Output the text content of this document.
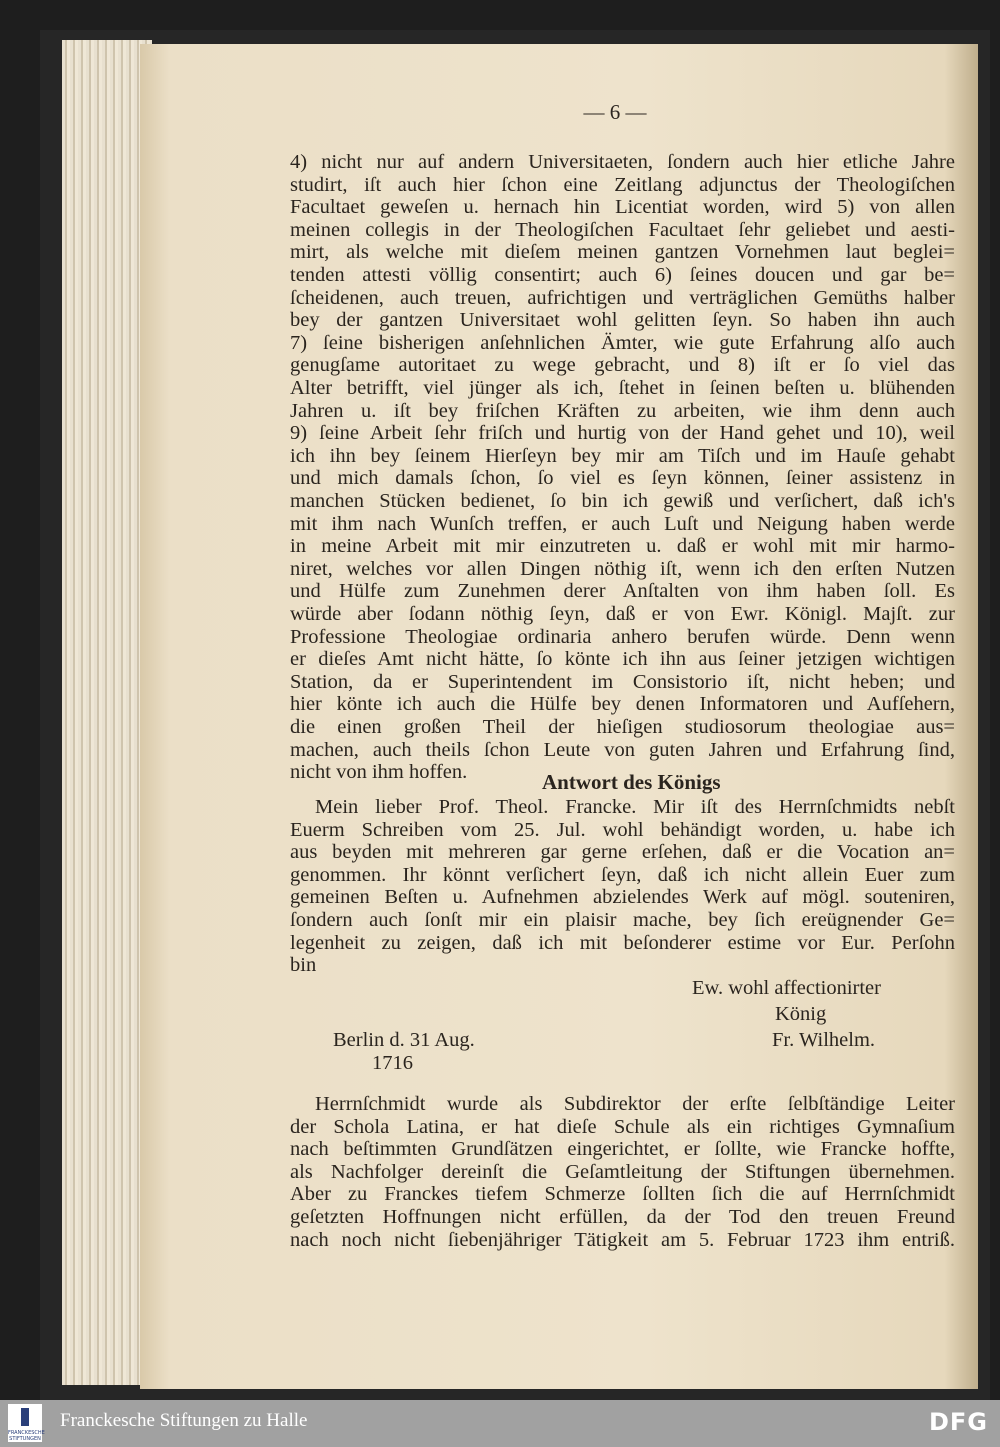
— 6 —
4) nicht nur auf andern Universitaeten, ſondern auch hier etliche Jahre
studirt, iſt auch hier ſchon eine Zeitlang adjunctus der Theologiſchen
Facultaet geweſen u. hernach hin Licentiat worden, wird 5) von allen
meinen collegis in der Theologiſchen Facultaet ſehr geliebet und aesti-
mirt, als welche mit dieſem meinen gantzen Vornehmen laut beglei=
tenden attesti völlig consentirt; auch 6) ſeines doucen und gar be=
ſcheidenen, auch treuen, aufrichtigen und verträglichen Gemüths halber
bey der gantzen Universitaet wohl gelitten ſeyn. So haben ihn auch
7) ſeine bisherigen anſehnlichen Ämter, wie gute Erfahrung alſo auch
genugſame autoritaet zu wege gebracht, und 8) iſt er ſo viel das
Alter betrifft, viel jünger als ich, ſtehet in ſeinen beſten u. blühenden
Jahren u. iſt bey friſchen Kräften zu arbeiten, wie ihm denn auch
9) ſeine Arbeit ſehr friſch und hurtig von der Hand gehet und 10), weil
ich ihn bey ſeinem Hierſeyn bey mir am Tiſch und im Hauſe gehabt
und mich damals ſchon, ſo viel es ſeyn können, ſeiner assistenz in
manchen Stücken bedienet, ſo bin ich gewiß und verſichert, daß ich's
mit ihm nach Wunſch treffen, er auch Luſt und Neigung haben werde
in meine Arbeit mit mir einzutreten u. daß er wohl mit mir harmo-
niret, welches vor allen Dingen nöthig iſt, wenn ich den erſten Nutzen
und Hülfe zum Zunehmen derer Anſtalten von ihm haben ſoll. Es
würde aber ſodann nöthig ſeyn, daß er von Ewr. Königl. Majſt. zur
Professione Theologiae ordinaria anhero berufen würde. Denn wenn
er dieſes Amt nicht hätte, ſo könte ich ihn aus ſeiner jetzigen wichtigen
Station, da er Superintendent im Consistorio iſt, nicht heben; und
hier könte ich auch die Hülfe bey denen Informatoren und Aufſehern,
die einen großen Theil der hieſigen studiosorum theologiae aus=
machen, auch theils ſchon Leute von guten Jahren und Erfahrung ſind,
nicht von ihm hoffen.
Mein lieber Prof. Theol. Francke. Mir iſt des Herrnſchmidts nebſt
Euerm Schreiben vom 25. Jul. wohl behändigt worden, u. habe ich
aus beyden mit mehreren gar gerne erſehen, daß er die Vocation an=
genommen. Ihr könnt verſichert ſeyn, daß ich nicht allein Euer zum
gemeinen Beſten u. Aufnehmen abzielendes Werk auf mögl. souteniren,
ſondern auch ſonſt mir ein plaisir mache, bey ſich ereügnender Ge=
legenheit zu zeigen, daß ich mit beſonderer estime vor Eur. Perſohn
bin
Herrnſchmidt wurde als Subdirektor der erſte ſelbſtändige Leiter
der Schola Latina, er hat dieſe Schule als ein richtiges Gymnaſium
nach beſtimmten Grundſätzen eingerichtet, er ſollte, wie Francke hoffte,
als Nachfolger dereinſt die Geſamtleitung der Stiftungen übernehmen.
Aber zu Franckes tiefem Schmerze ſollten ſich die auf Herrnſchmidt
geſetzten Hoffnungen nicht erfüllen, da der Tod den treuen Freund
nach noch nicht ſiebenjähriger Tätigkeit am 5. Februar 1723 ihm entriß.
Antwort des Königs
Ew. wohl affectionirter
König
Berlin d. 31 Aug.	Fr. Wilhelm.
1716
FRANCKESCHE STIFTUNGEN
Franckesche Stiftungen zu Halle	DFG
